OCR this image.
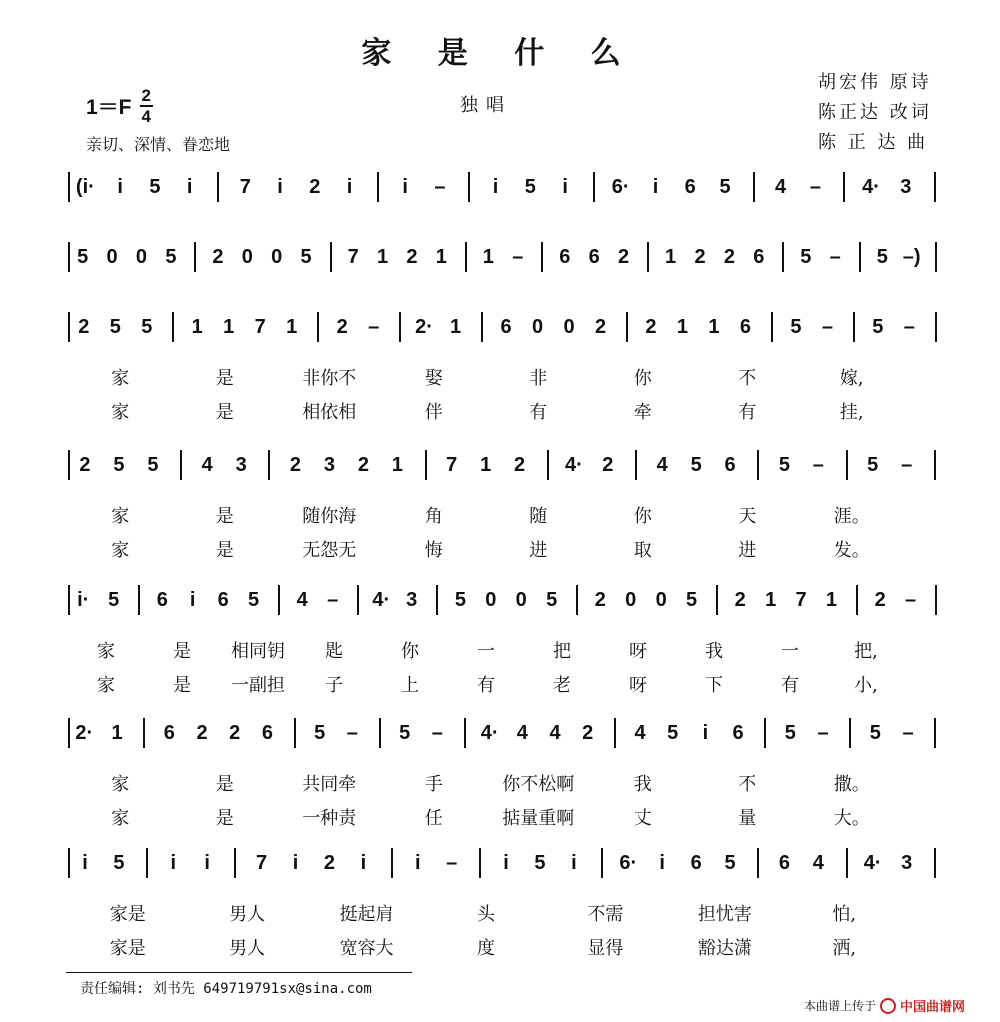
家 是 什 么
$1=F \frac{2}{4}$	独唱
胡宏伟 原诗
陈正达 改词
陈 正 达 曲
亲切、深情、眷恋地
(i· i 5 i 7 i 2 i	i – i 5 i 6· i 6 5 4 – 4· 3
5 0 0 5 2 0 0 5 7 1 2 1 1 – 6 6 2 1 2 2 6 5 – 5 –)
2 5 5 1 1 7 1 2 – 2· 1 6 0 0 2 2 1 1 6 5 – 5 –
家	是	非你不	娶	非	你	不	嫁,
家	是	相依相	伴	有	牵	有	挂,
2 5 5 4 3 2 3 2 1 7 1 2 4· 2 4 5 6 5 – 5 –
家	是	随你海	角	随	你	天	涯。
家	是	无怨无	悔	进	取	进	发。
i· 5 6 i 6 5 4 – 4· 3 5 0 0 5 2 0 0 5 2 1 7 1 2 –
家	是 相同钥 匙	你	一	把	呀	我	一	把,
家	是 一副担 子	上	有	老	呀	下	有	小,
2· 1 6 2 2 6 5 – 5 – 4· 4 4 2 4 5 i 6 5 – 5 –
家	是	共同牵	手	你不松啊	我	不	撒。
家	是	一种责	任	掂量重啊	丈	量	大。
i 5 i i 7 i 2 i i – i 5 i 6· i 6 5 6 4 4· 3
家是	男人	挺起肩	头	不需	担忧害	怕,
家是	男人	宽容大	度	显得	豁达潇	洒,
责任编辑: 刘书先 649719791sx@sina.com
本曲谱上传于 中国曲谱网
